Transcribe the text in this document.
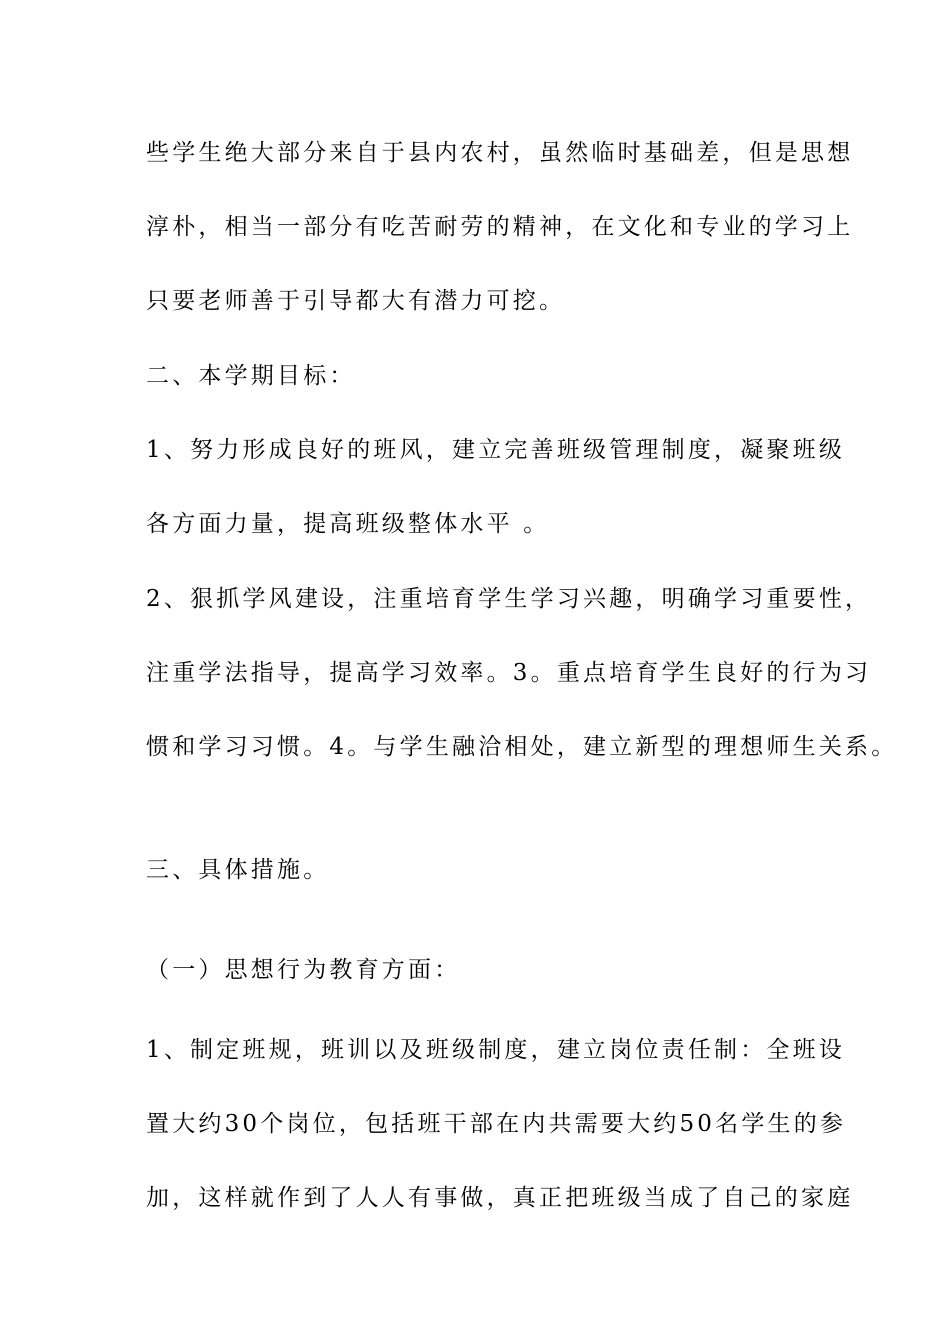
些学生绝大部分来自于县内农村，虽然临时基础差，但是思想
淳朴，相当一部分有吃苦耐劳的精神，在文化和专业的学习上
只要老师善于引导都大有潜力可挖。
二、本学期目标：
1、努力形成良好的班风，建立完善班级管理制度，凝聚班级
各方面力量，提高班级整体水平 。
2、狠抓学风建设，注重培育学生学习兴趣，明确学习重要性，
注重学法指导，提高学习效率。3。重点培育学生良好的行为习
惯和学习习惯。4。与学生融洽相处，建立新型的理想师生关系。
三、具体措施。
（一）思想行为教育方面：
1、制定班规，班训以及班级制度，建立岗位责任制：全班设
置大约30个岗位，包括班干部在内共需要大约50名学生的参
加，这样就作到了人人有事做，真正把班级当成了自己的家庭
